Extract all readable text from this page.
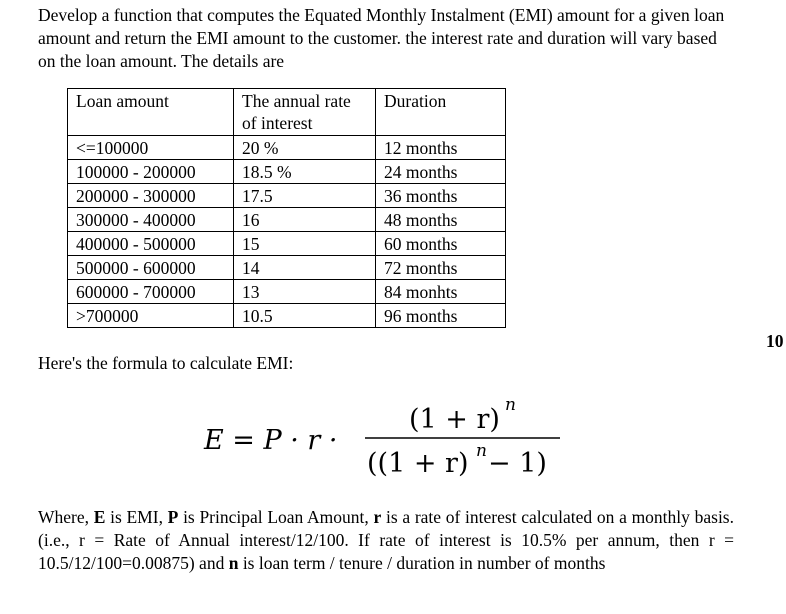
Develop a function that computes the Equated Monthly Instalment (EMI) amount for a given loan amount and return the EMI amount to the customer. the interest rate and duration will vary based on the loan amount. The details are

Loan amount	The annual rate of interest	Duration
<=100000	20 %	12 months
100000 - 200000	18.5 %	24 months
200000 - 300000	17.5	36 months
300000 - 400000	16	48 months
400000 - 500000	15	60 months
500000 - 600000	14	72 months
600000 - 700000	13	84 monhts
>700000	10.5	96 months
10

Here's the formula to calculate EMI:

E = P · r ·
(1 + r) n
((1 + r) n − 1)

Where, E is EMI, P is Principal Loan Amount, r is a rate of interest calculated on a monthly basis. (i.e., r = Rate of Annual interest/12/100. If rate of interest is 10.5% per annum, then r = 10.5/12/100=0.00875) and n is loan term / tenure / duration in number of months
